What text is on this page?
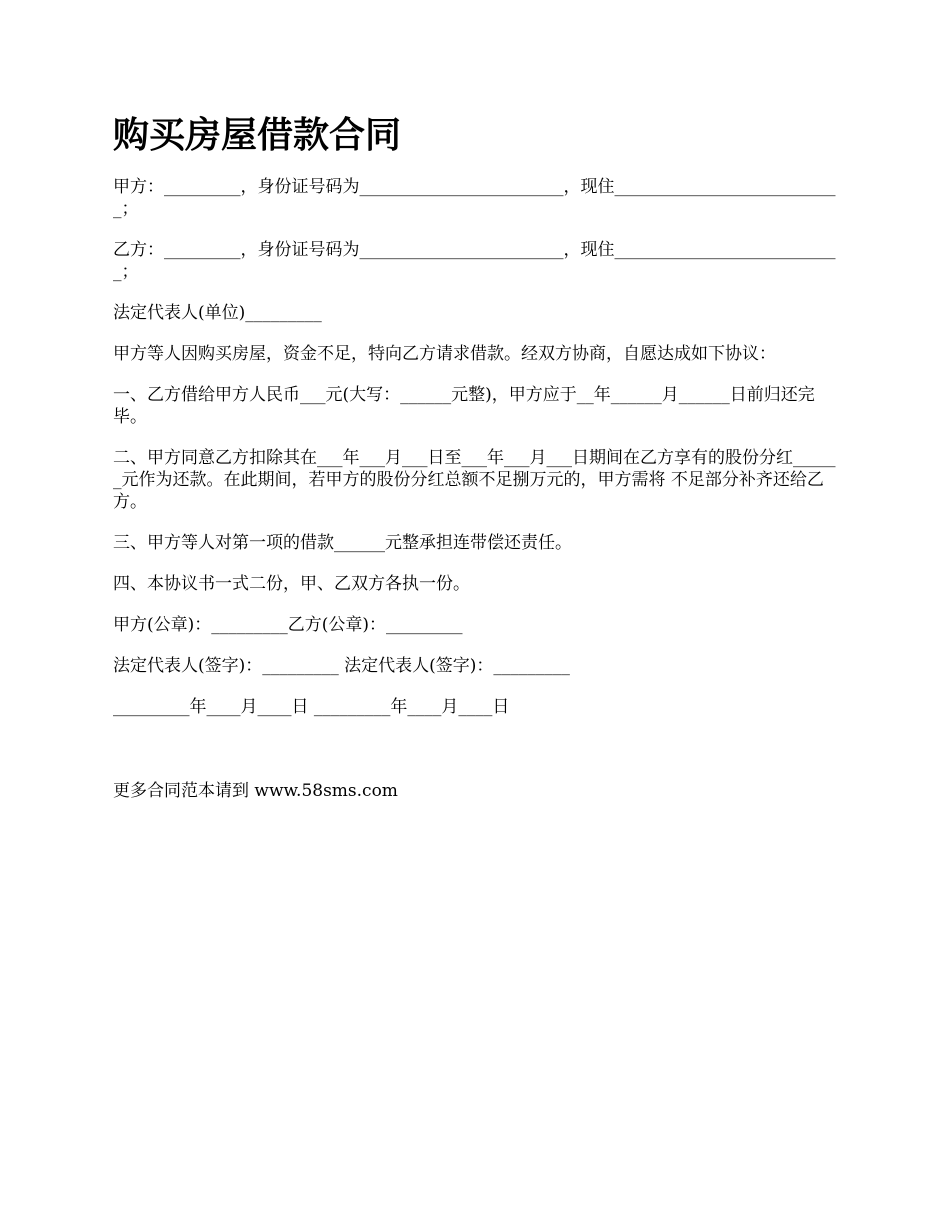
购买房屋借款合同

甲方：_________，身份证号码为________________________，现住___________________________；

乙方：_________，身份证号码为________________________，现住___________________________；

法定代表人(单位)_________

甲方等人因购买房屋，资金不足，特向乙方请求借款。经双方协商，自愿达成如下协议：

一、乙方借给甲方人民币___元(大写：______元整)，甲方应于__年______月______日前归还完毕。

二、甲方同意乙方扣除其在___年___月___日至___年___月___日期间在乙方享有的股份分红______元作为还款。在此期间，若甲方的股份分红总额不足捌万元的，甲方需将 不足部分补齐还给乙方。

三、甲方等人对第一项的借款______元整承担连带偿还责任。

四、本协议书一式二份，甲、乙双方各执一份。

甲方(公章)：_________乙方(公章)：_________

法定代表人(签字)：_________ 法定代表人(签字)：_________

_________年____月____日 _________年____月____日

更多合同范本请到 www.58sms.com
